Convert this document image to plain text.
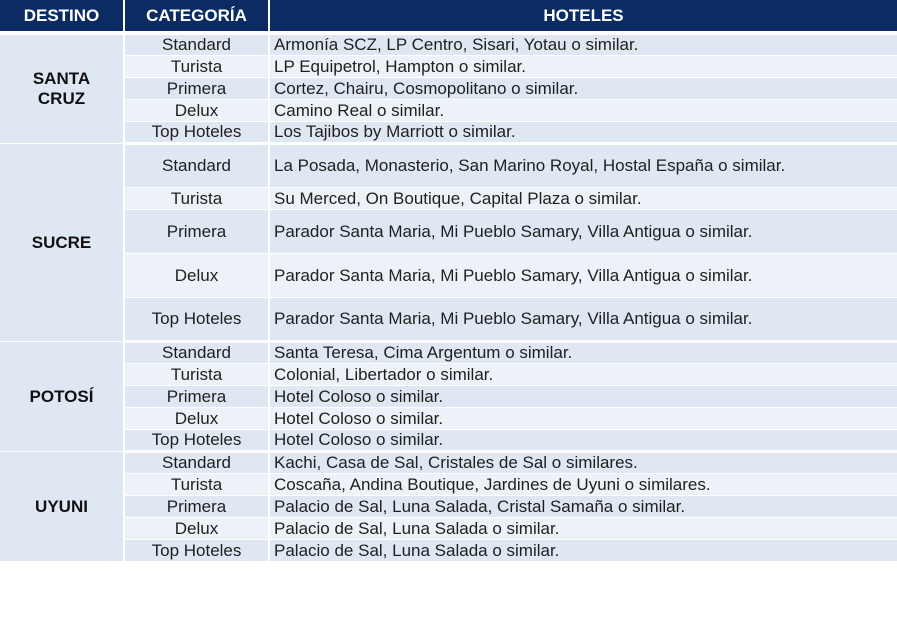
DESTINO	CATEGORÍA	HOTELES
SANTA CRUZ	Standard	Armonía SCZ, LP Centro, Sisari, Yotau o similar.
	Turista	LP Equipetrol, Hampton o similar.
	Primera	Cortez, Chairu, Cosmopolitano o similar.
	Delux	Camino Real o similar.
	Top Hoteles	Los Tajibos by Marriott o similar.
SUCRE	Standard	La Posada, Monasterio, San Marino Royal, Hostal España o similar.
	Turista	Su Merced, On Boutique, Capital Plaza o similar.
	Primera	Parador Santa Maria, Mi Pueblo Samary, Villa Antigua o similar.
	Delux	Parador Santa Maria, Mi Pueblo Samary, Villa Antigua o similar.
	Top Hoteles	Parador Santa Maria, Mi Pueblo Samary, Villa Antigua o similar.
POTOSÍ	Standard	Santa Teresa, Cima Argentum o similar.
	Turista	Colonial, Libertador o similar.
	Primera	Hotel Coloso o similar.
	Delux	Hotel Coloso o similar.
	Top Hoteles	Hotel Coloso o similar.
UYUNI	Standard	Kachi, Casa de Sal, Cristales de Sal o similares.
	Turista	Coscaña, Andina Boutique, Jardines de Uyuni o similares.
	Primera	Palacio de Sal, Luna Salada, Cristal Samaña o similar.
	Delux	Palacio de Sal, Luna Salada o similar.
	Top Hoteles	Palacio de Sal, Luna Salada o similar.
